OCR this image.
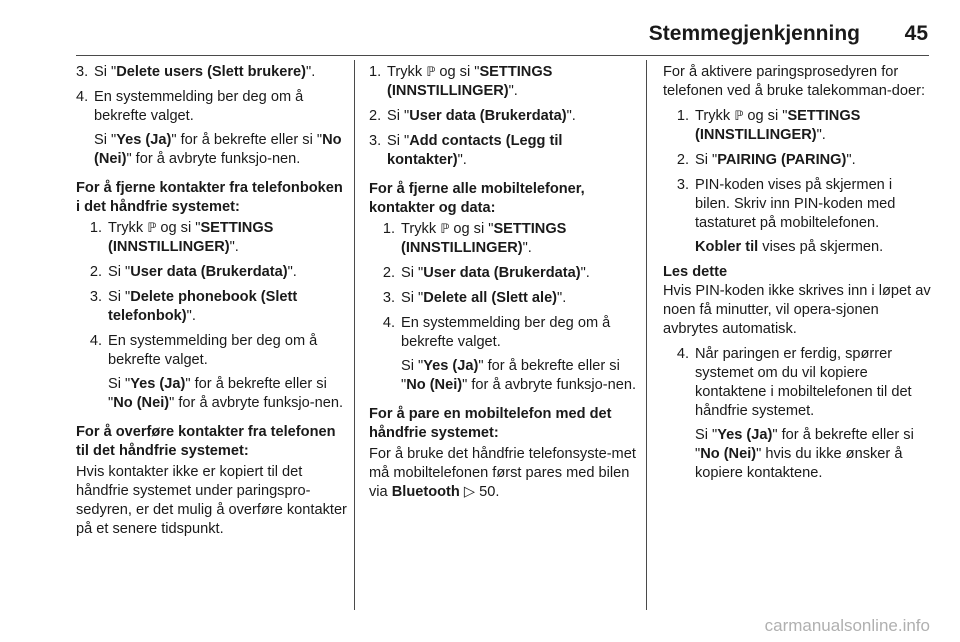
Stemmegjenkjenning	45
3. Si "Delete users (Slett brukere)".

4. En systemmelding ber deg om å bekrefte valget.

Si "Yes (Ja)" for å bekrefte eller si "No (Nei)" for å avbryte funksjo-nen.

For å fjerne kontakter fra telefonboken i det håndfrie systemet:
1. Trykk ℙ og si "SETTINGS (INNSTILLINGER)".

2. Si "User data (Brukerdata)".

3. Si "Delete phonebook (Slett telefonbok)".

4. En systemmelding ber deg om å bekrefte valget.

Si "Yes (Ja)" for å bekrefte eller si "No (Nei)" for å avbryte funksjo-nen.

For å overføre kontakter fra telefonen til det håndfrie systemet:

Hvis kontakter ikke er kopiert til det håndfrie systemet under paringspro-sedyren, er det mulig å overføre kontakter på et senere tidspunkt.

1. Trykk ℙ og si "SETTINGS (INNSTILLINGER)".

2. Si "User data (Brukerdata)".

3. Si "Add contacts (Legg til kontakter)".

For å fjerne alle mobiltelefoner, kontakter og data:
1. Trykk ℙ og si "SETTINGS (INNSTILLINGER)".

2. Si "User data (Brukerdata)".

3. Si "Delete all (Slett ale)".

4. En systemmelding ber deg om å bekrefte valget.

Si "Yes (Ja)" for å bekrefte eller si "No (Nei)" for å avbryte funksjo-nen.

For å pare en mobiltelefon med det håndfrie systemet:

For å bruke det håndfrie telefonsyste-met må mobiltelefonen først pares med bilen via Bluetooth ▷ 50.

For å aktivere paringsprosedyren for telefonen ved å bruke talekomman-doer:

1. Trykk ℙ og si "SETTINGS (INNSTILLINGER)".

2. Si "PAIRING (PARING)".

3. PIN-koden vises på skjermen i bilen. Skriv inn PIN-koden med tastaturet på mobiltelefonen.

Kobler til vises på skjermen.

Les dette

Hvis PIN-koden ikke skrives inn i løpet av noen få minutter, vil opera-sjonen avbrytes automatisk.

4. Når paringen er ferdig, spørrer systemet om du vil kopiere kontaktene i mobiltelefonen til det håndfrie systemet.

Si "Yes (Ja)" for å bekrefte eller si "No (Nei)" hvis du ikke ønsker å kopiere kontaktene.

carmanualsonline.info
